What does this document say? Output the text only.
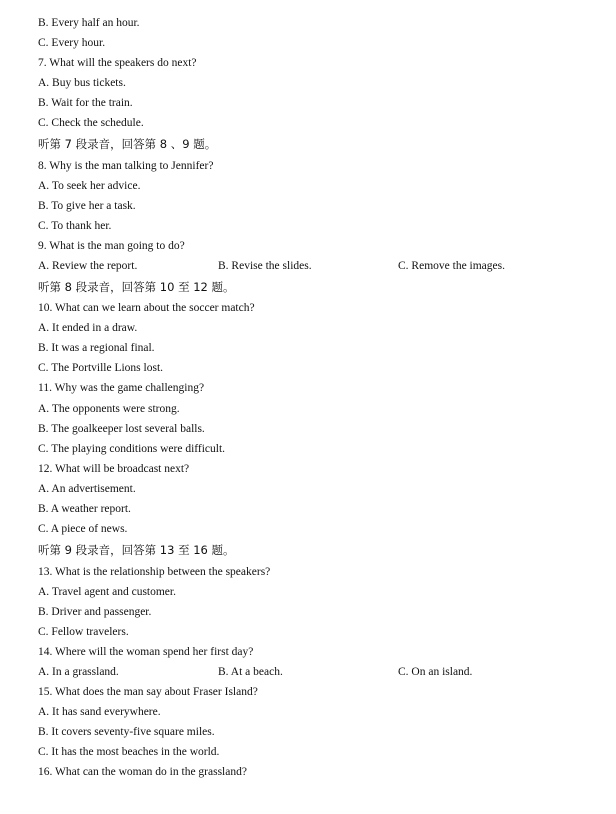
B. Every half an hour.
C. Every hour.
7. What will the speakers do next?
A. Buy bus tickets.
B. Wait for the train.
C. Check the schedule.
听第 7 段录音，回答第 8 、9 题。
8. Why is the man talking to Jennifer?
A. To seek her advice.
B. To give her a task.
C. To thank her.
9. What is the man going to do?
A. Review the report.	B. Revise the slides.	C. Remove the images.
听第 8 段录音，回答第 10 至 12 题。
10. What can we learn about the soccer match?
A. It ended in a draw.
B. It was a regional final.
C. The Portville Lions lost.
11. Why was the game challenging?
A. The opponents were strong.
B. The goalkeeper lost several balls.
C. The playing conditions were difficult.
12. What will be broadcast next?
A. An advertisement.
B. A weather report.
C. A piece of news.
听第 9 段录音，回答第 13 至 16 题。
13. What is the relationship between the speakers?
A. Travel agent and customer.
B. Driver and passenger.
C. Fellow travelers.
14. Where will the woman spend her first day?
A. In a grassland.	B. At a beach.	C. On an island.
15. What does the man say about Fraser Island?
A. It has sand everywhere.
B. It covers seventy-five square miles.
C. It has the most beaches in the world.
16. What can the woman do in the grassland?
